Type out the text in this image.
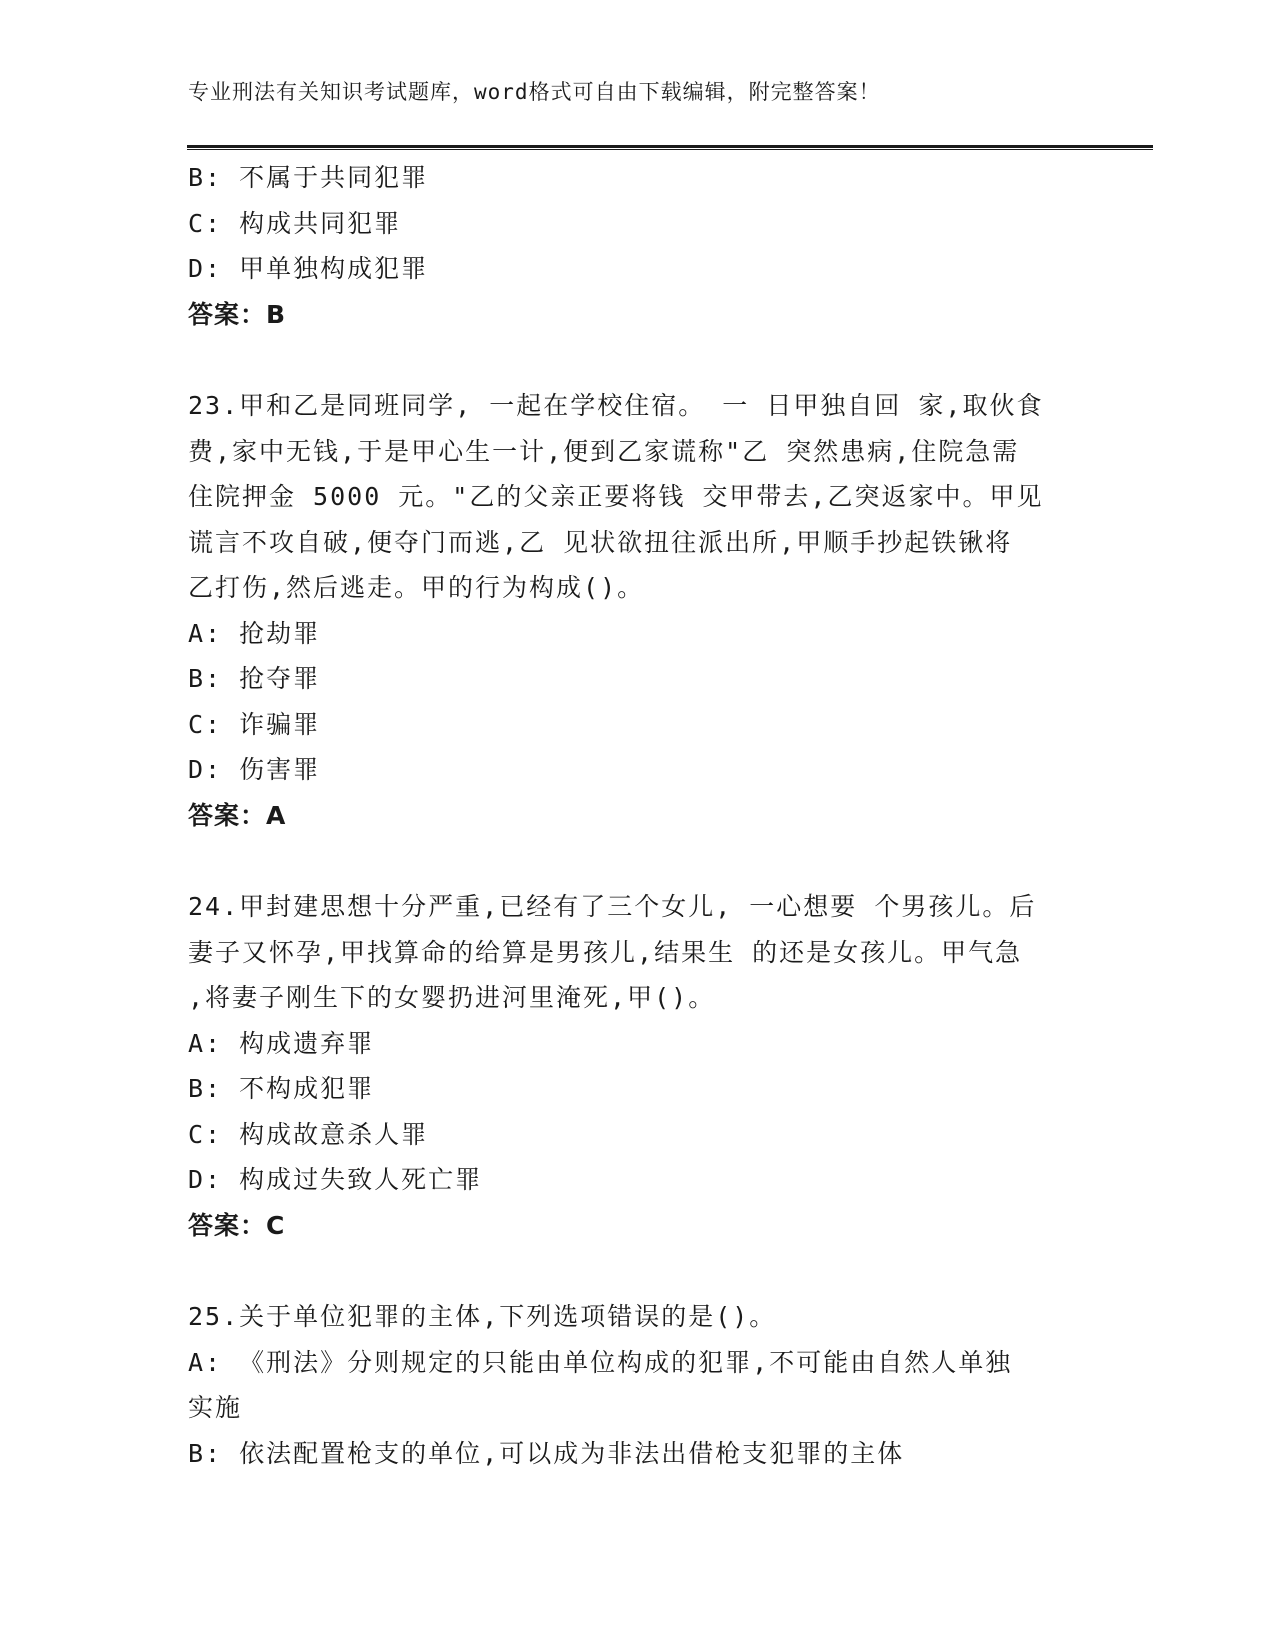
专业刑法有关知识考试题库，word格式可自由下载编辑，附完整答案！

B: 不属于共同犯罪

C: 构成共同犯罪

D: 甲单独构成犯罪

答案：B

23.甲和乙是同班同学, 一起在学校住宿。 一 日甲独自回 家,取伙食

费,家中无钱,于是甲心生一计,便到乙家谎称"乙 突然患病,住院急需

住院押金 5000 元。"乙的父亲正要将钱 交甲带去,乙突返家中。甲见

谎言不攻自破,便夺门而逃,乙 见状欲扭往派出所,甲顺手抄起铁锹将

乙打伤,然后逃走。甲的行为构成()。

A: 抢劫罪

B: 抢夺罪

C: 诈骗罪

D: 伤害罪

答案：A

24.甲封建思想十分严重,已经有了三个女儿, 一心想要 个男孩儿。后

妻子又怀孕,甲找算命的给算是男孩儿,结果生 的还是女孩儿。甲气急

,将妻子刚生下的女婴扔进河里淹死,甲()。

A: 构成遗弃罪

B: 不构成犯罪

C: 构成故意杀人罪

D: 构成过失致人死亡罪

答案：C

25.关于单位犯罪的主体,下列选项错误的是()。

A: 《刑法》分则规定的只能由单位构成的犯罪,不可能由自然人单独

实施

B: 依法配置枪支的单位,可以成为非法出借枪支犯罪的主体
